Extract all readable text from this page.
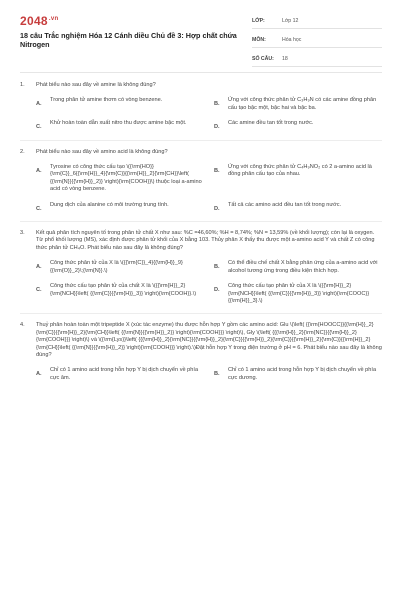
$2048^{.vn}$
18 câu Trắc nghiệm Hóa 12 Cánh diều Chủ đề 3: Hợp chất chứa Nitrogen
LỚP:	Lớp 12
MÔN:	Hóa học
SỐ CÂU:	18
1.	Phát biểu nào sau đây về amine là không đúng?
A.
Trong phân tử amine thơm có vòng benzene.
B.
Ứng với công thức phân tử C₃H₉N có các amine đồng phân cấu tạo bậc một, bậc hai và bậc ba.
C.
Khử hoàn toàn dẫn xuất nitro thu được amine bậc một.
D.
Các amine đều tan tốt trong nước.
2.	Phát biểu nào sau đây về amino acid là không đúng?
A.
Tyrosine có công thức cấu tạo \({\rm{HO}}{\rm{C}}_6{{\rm{H}}_4}{\rm{C}}{{\rm{H}}_2}{\rm{CH}}\left( {{\rm{N}}{{\rm{H}}_2}} \right){\rm{COOH}}\) thuộc loại a-amino acid có vòng benzene.
B.
Ứng với công thức phân tử C₄H₉NO₂ có 2 a-amino acid là đồng phân cấu tạo của nhau.
C.
Dung dịch của alanine có môi trường trung tính.
D.
Tất cả các amino acid đều tan tốt trong nước.
3.	Kết quả phân tích nguyên tố trong phân tử chất X như sau: %C =46,60%; %H = 8,74%; %N = 13,59% (về khối lượng); còn lại là oxygen. Từ phổ khối lượng (MS), xác định được phân tử khối của X bằng 103. Thủy phân X thấy thu được một a-amino acid Y và chất Z có công thức phân tử CH₄O. Phát biểu nào sau đây là không đúng?
A.
Công thức phân tử của X là \({{\rm{C}}_4}{{\rm{H}}_9}{{\rm{O}}_2}\;{\rm{N}}.\)
B.
Có thể điều chế chất X bằng phản ứng của a-amino acid với alcohol tương ứng trong điều kiện thích hợp.
C.
Công thức cấu tạo phân tử của chất X là \({{\rm{H}}_2}{\rm{NCH}}\left( {{\rm{C}}{{\rm{H}}_3}} \right){\rm{COOH}}.\)
D.
Công thức cấu tạo phân tử của X là \({{\rm{H}}_2}{\rm{NCH}}\left( {{\rm{C}}{{\rm{H}}_3}} \right){\rm{COOC}}{{\rm{H}}_3}.\)
4.	Thuỷ phân hoàn toàn một tripeptide X (xúc tác enzyme) thu được hỗn hợp Y gồm các amino acid: Glu \(\left( {{\rm{HOOCC}}{{\rm{H}}_2}{\rm{C}}{{\rm{H}}_2}{\rm{CH}}\left( {{\rm{N}}{{\rm{H}}_2}} \right){\rm{COOH}}} \right)\), Gly \(\left( {{{\rm{H}}_2}{\rm{NC}}{{\rm{H}}_2}{\rm{COOH}}} \right)\) và \({\rm{Lys}}\left( {{{\rm{H}}_2}{\rm{NC}}{{\rm{H}}_2}{\rm{C}}{{\rm{H}}_2}{\rm{C}}{{\rm{H}}_2}{\rm{C}}{{\rm{H}}_2}{\rm{CH}}\left( {{\rm{N}}{{\rm{H}}_2}} \right){\rm{COOH}}} \right).\)Đặt hỗn hợp Y trong điện trường ở pH = 6. Phát biểu nào sau đây là không đúng?
A.
Chỉ có 1 amino acid trong hỗn hợp Y bị dịch chuyển về phía cực âm.
B.
Chỉ có 1 amino acid trong hỗn hợp Y bị dịch chuyển về phía cực dương.
